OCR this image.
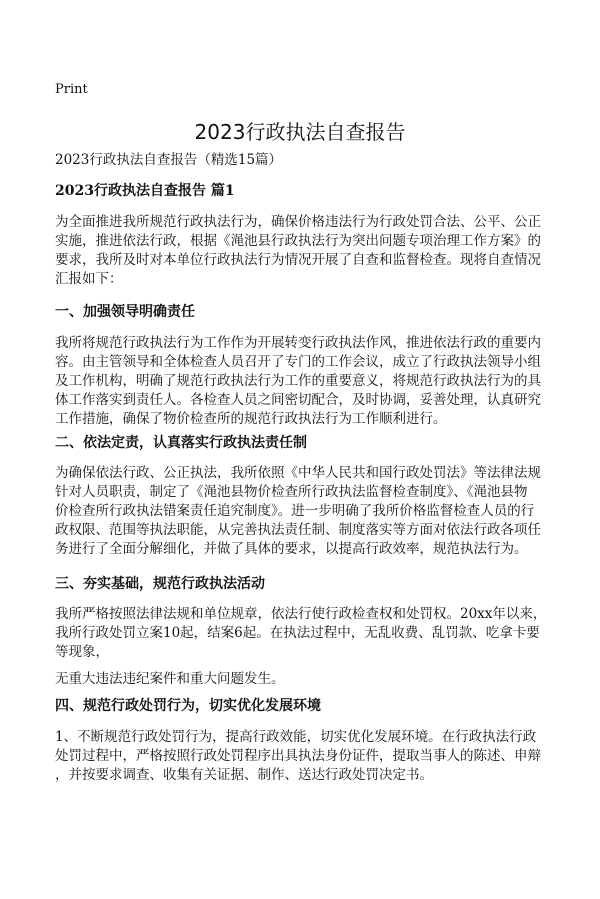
Print
2023行政执法自查报告
2023行政执法自查报告（精选15篇）
2023行政执法自查报告 篇1
为全面推进我所规范行政执法行为，确保价格违法行为行政处罚合法、公平、公正
实施，推进依法行政，根据《渑池县行政执法行为突出问题专项治理工作方案》的
要求，我所及时对本单位行政执法行为情况开展了自查和监督检查。现将自查情况
汇报如下：
一、加强领导明确责任
我所将规范行政执法行为工作作为开展转变行政执法作风，推进依法行政的重要内
容。由主管领导和全体检查人员召开了专门的工作会议，成立了行政执法领导小组
及工作机构，明确了规范行政执法行为工作的重要意义，将规范行政执法行为的具
体工作落实到责任人。各检查人员之间密切配合，及时协调，妥善处理，认真研究
工作措施，确保了物价检查所的规范行政执法行为工作顺利进行。
二、依法定责，认真落实行政执法责任制
为确保依法行政、公正执法，我所依照《中华人民共和国行政处罚法》等法律法规
针对人员职责，制定了《渑池县物价检查所行政执法监督检查制度》、《渑池县物
价检查所行政执法错案责任追究制度》。进一步明确了我所价格监督检查人员的行
政权限、范围等执法职能，从完善执法责任制、制度落实等方面对依法行政各项任
务进行了全面分解细化，并做了具体的要求，以提高行政效率，规范执法行为。
三、夯实基础，规范行政执法活动
我所严格按照法律法规和单位规章，依法行使行政检查权和处罚权。20xx年以来，
我所行政处罚立案10起，结案6起。在执法过程中，无乱收费、乱罚款、吃拿卡要
等现象，
无重大违法违纪案件和重大问题发生。
四、规范行政处罚行为，切实优化发展环境
1、不断规范行政处罚行为，提高行政效能，切实优化发展环境。在行政执法行政
处罚过程中，严格按照行政处罚程序出具执法身份证件，提取当事人的陈述、申辩
，并按要求调查、收集有关证据、制作、送达行政处罚决定书。
